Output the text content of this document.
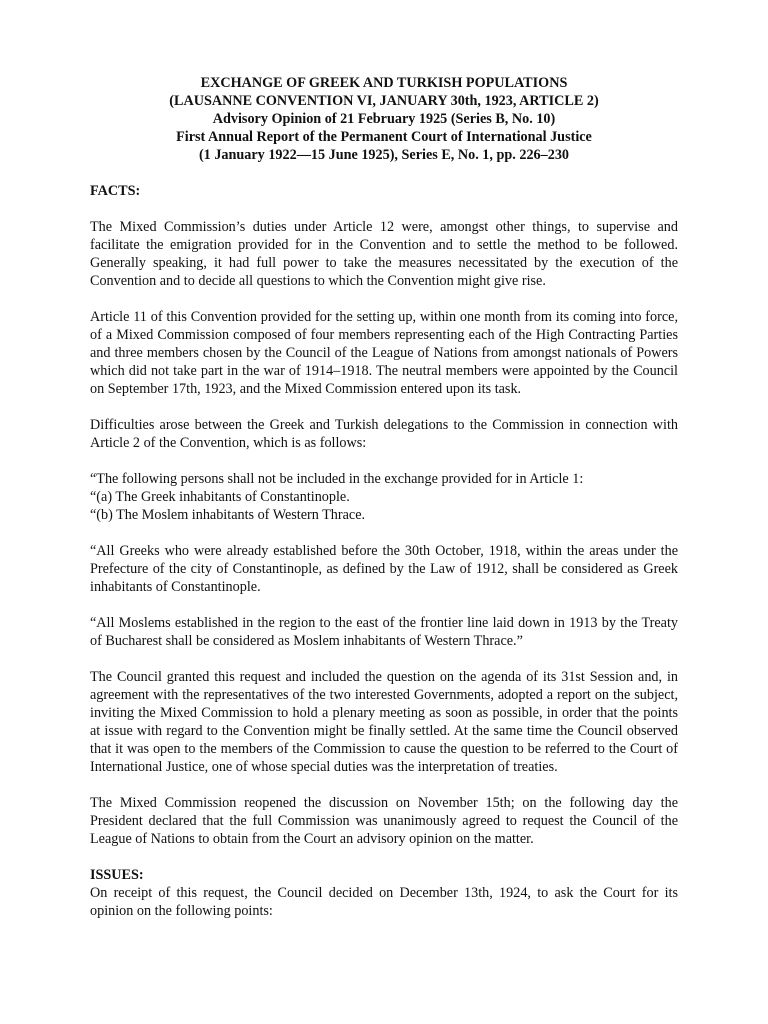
EXCHANGE OF GREEK AND TURKISH POPULATIONS
(LAUSANNE CONVENTION VI, JANUARY 30th, 1923, ARTICLE 2)
Advisory Opinion of 21 February 1925 (Series B, No. 10)
First Annual Report of the Permanent Court of International Justice
(1 January 1922—15 June 1925), Series E, No. 1, pp. 226–230
FACTS:

The Mixed Commission’s duties under Article 12 were, amongst other things, to supervise and facilitate the emigration provided for in the Convention and to settle the method to be followed. Generally speaking, it had full power to take the measures necessitated by the execution of the Convention and to decide all questions to which the Convention might give rise.

Article 11 of this Convention provided for the setting up, within one month from its coming into force, of a Mixed Commission composed of four members representing each of the High Contracting Parties and three members chosen by the Council of the League of Nations from amongst nationals of Powers which did not take part in the war of 1914–1918. The neutral members were appointed by the Council on September 17th, 1923, and the Mixed Commission entered upon its task.

Difficulties arose between the Greek and Turkish delegations to the Commission in connection with Article 2 of the Convention, which is as follows:

“The following persons shall not be included in the exchange provided for in Article 1:
“(a) The Greek inhabitants of Constantinople.
“(b) The Moslem inhabitants of Western Thrace.

“All Greeks who were already established before the 30th October, 1918, within the areas under the Prefecture of the city of Constantinople, as defined by the Law of 1912, shall be considered as Greek inhabitants of Constantinople.

“All Moslems established in the region to the east of the frontier line laid down in 1913 by the Treaty of Bucharest shall be considered as Moslem inhabitants of Western Thrace.”

The Council granted this request and included the question on the agenda of its 31st Session and, in agreement with the representatives of the two interested Governments, adopted a report on the subject, inviting the Mixed Commission to hold a plenary meeting as soon as possible, in order that the points at issue with regard to the Convention might be finally settled. At the same time the Council observed that it was open to the members of the Commission to cause the question to be referred to the Court of International Justice, one of whose special duties was the interpretation of treaties.

The Mixed Commission reopened the discussion on November 15th; on the following day the President declared that the full Commission was unanimously agreed to request the Council of the League of Nations to obtain from the Court an advisory opinion on the matter.

ISSUES:

On receipt of this request, the Council decided on December 13th, 1924, to ask the Court for its opinion on the following points:
